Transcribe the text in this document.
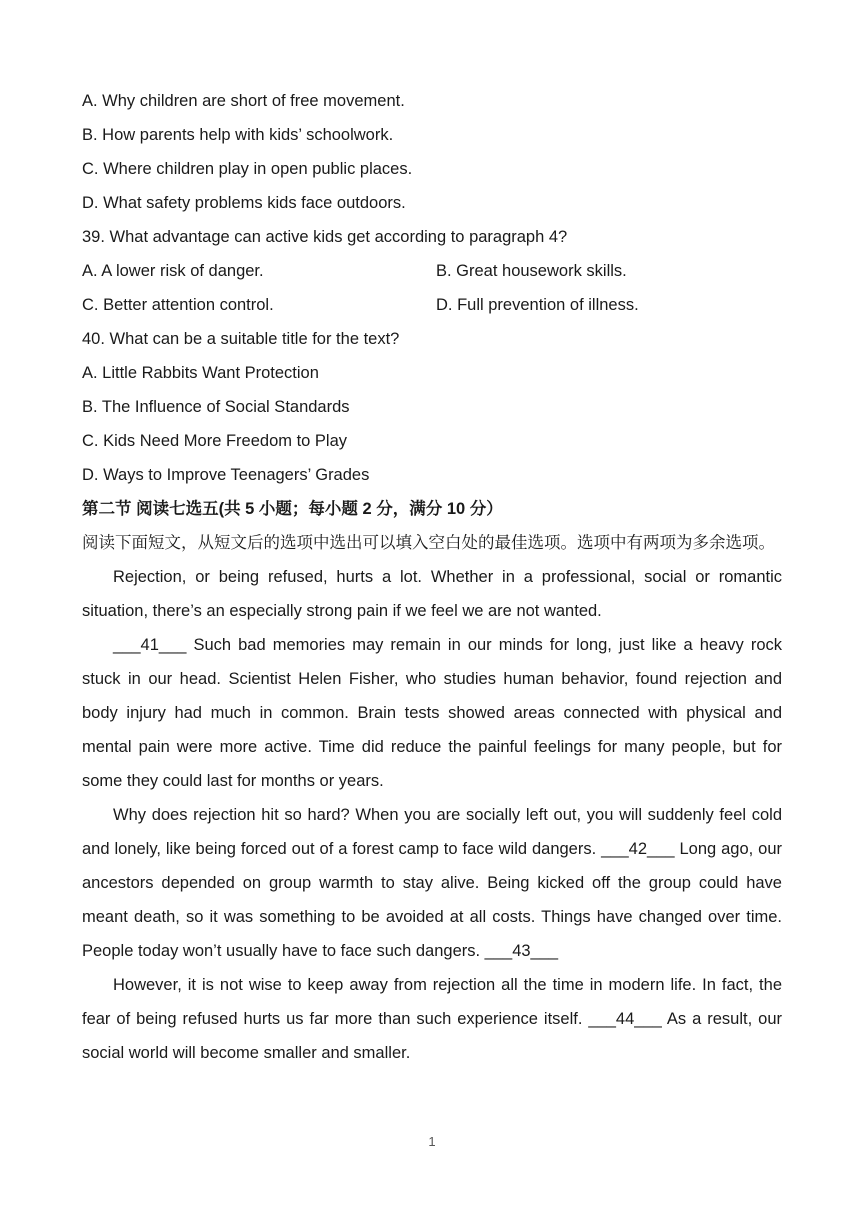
A. Why children are short of free movement.
B. How parents help with kids’ schoolwork.
C. Where children play in open public places.
D. What safety problems kids face outdoors.
39. What advantage can active kids get according to paragraph 4?
A. A lower risk of danger.	B. Great housework skills.
C. Better attention control.	D. Full prevention of illness.
40. What can be a suitable title for the text?
A. Little Rabbits Want Protection
B. The Influence of Social Standards
C. Kids Need More Freedom to Play
D. Ways to Improve Teenagers’ Grades
第二节 阅读七选五(共 5 小题；每小题 2 分，满分 10 分）

阅读下面短文，从短文后的选项中选出可以填入空白处的最佳选项。选项中有两项为多余选项。

Rejection, or being refused, hurts a lot. Whether in a professional, social or romantic situation, there’s an especially strong pain if we feel we are not wanted.

___41___ Such bad memories may remain in our minds for long, just like a heavy rock stuck in our head. Scientist Helen Fisher, who studies human behavior, found rejection and body injury had much in common. Brain tests showed areas connected with physical and mental pain were more active. Time did reduce the painful feelings for many people, but for some they could last for months or years.

Why does rejection hit so hard? When you are socially left out, you will suddenly feel cold and lonely, like being forced out of a forest camp to face wild dangers. ___42___ Long ago, our ancestors depended on group warmth to stay alive. Being kicked off the group could have meant death, so it was something to be avoided at all costs. Things have changed over time. People today won’t usually have to face such dangers. ___43___

However, it is not wise to keep away from rejection all the time in modern life. In fact, the fear of being refused hurts us far more than such experience itself. ___44___ As a result, our social world will become smaller and smaller.

1
